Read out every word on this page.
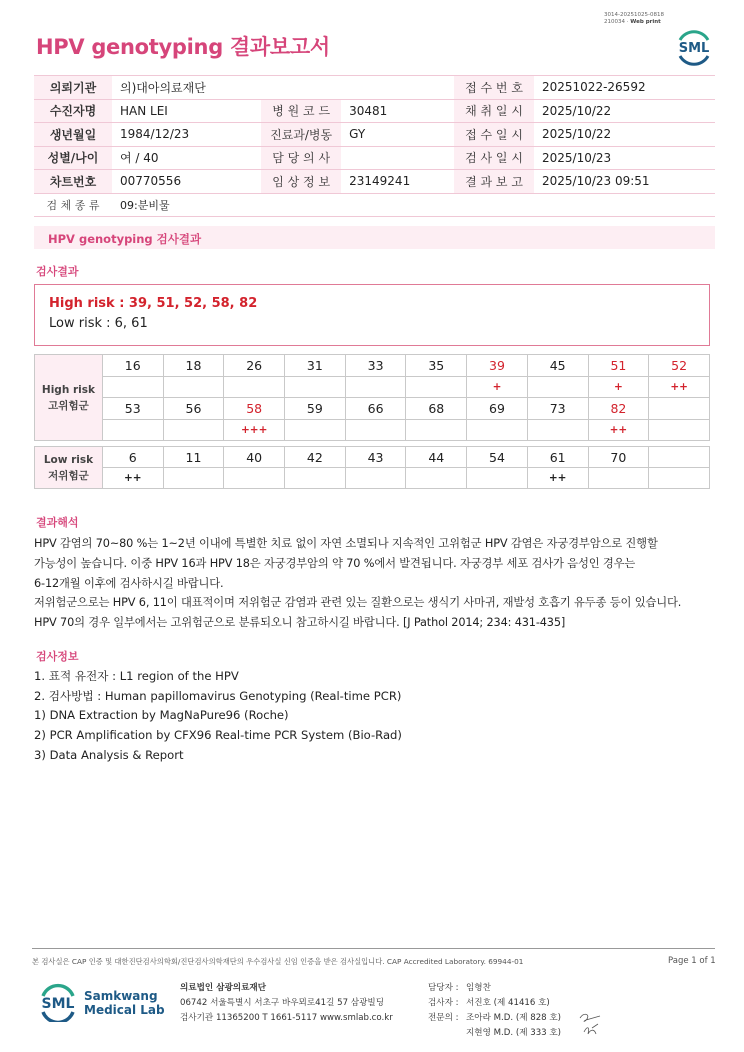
3014-20251025-0818
210034 · Web print
HPV genotyping 결과보고서	SML
의뢰기관	의)대아의료재단			접 수 번 호	20251022-26592
수진자명	HAN LEI	병 원 코 드	30481	채 취 일 시	2025/10/22
생년월일	1984/12/23	진료과/병동	GY	접 수 일 시	2025/10/22
성별/나이	여 / 40	담 당 의 사		검 사 일 시	2025/10/23
차트번호	00770556	임 상 정 보	23149241	결 과 보 고	2025/10/23 09:51
검 체 종 류	09:분비물				
HPV genotyping 검사결과
검사결과
High risk : 39, 51, 52, 58, 82
Low risk : 6, 61
High risk
고위험군	16	18	26	31	33	35	39	45	51	52
							+		+	++
	53	56	58	59	66	68	69	73	82	
			+++						++	
Low risk
저위험군	6	11	40	42	43	44	54	61	70	
	++							++		
결과해석
HPV 감염의 70~80 %는 1~2년 이내에 특별한 치료 없이 자연 소멸되나 지속적인 고위험군 HPV 감염은 자궁경부암으로 진행할
가능성이 높습니다. 이중 HPV 16과 HPV 18은 자궁경부암의 약 70 %에서 발견됩니다. 자궁경부 세포 검사가 음성인 경우는
6-12개월 이후에 검사하시길 바랍니다.
저위험군으로는 HPV 6, 11이 대표적이며 저위험군 감염과 관련 있는 질환으로는 생식기 사마귀, 재발성 호흡기 유두종 등이 있습니다.
HPV 70의 경우 일부에서는 고위험군으로 분류되오니 참고하시길 바랍니다. [J Pathol 2014; 234: 431-435]
검사정보
1. 표적 유전자 : L1 region of the HPV
2. 검사방법 : Human papillomavirus Genotyping (Real-time PCR)
1) DNA Extraction by MagNaPure96 (Roche)
2) PCR Amplification by CFX96 Real-time PCR System (Bio-Rad)
3) Data Analysis & Report
본 검사실은 CAP 인증 및 대한진단검사의학회/진단검사의학재단의 우수검사실 신임 인증을 받은 검사실입니다. CAP Accredited Laboratory. 69944-01	Page 1 of 1
SML Samkwang
Medical Lab
의료법인 삼광의료재단
06742 서울특별시 서초구 바우뫼로41길 57 삼광빌딩
검사기관 11365200 T 1661-5117 www.smlab.co.kr
담당자 : 임형찬
검사자 : 서진호 (제 41416 호)
전문의 : 조아라 M.D. (제 828 호)
지현영 M.D. (제 333 호)
